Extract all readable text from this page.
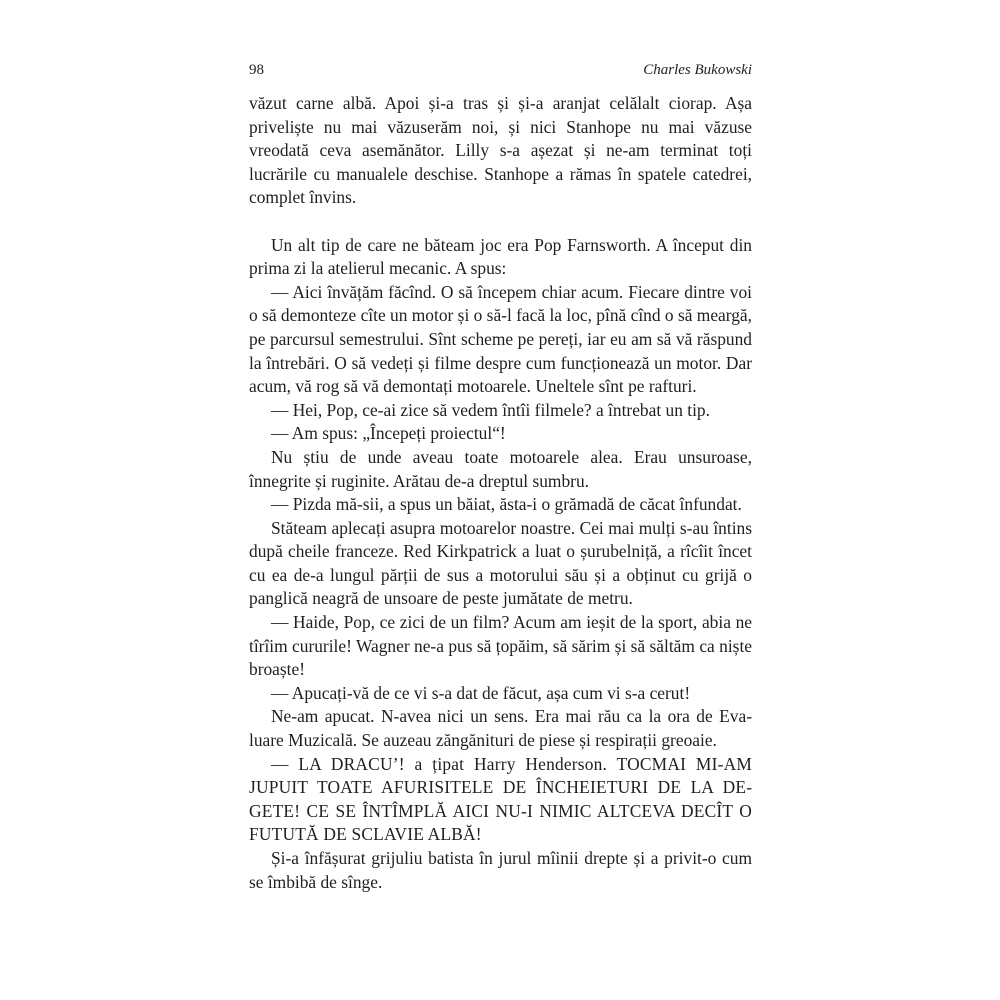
98	Charles Bukowski

văzut carne albă. Apoi și-a tras și și-a aranjat celălalt ciorap. Așa priveliște nu mai văzuserăm noi, și nici Stanhope nu mai văzuse vreodată ceva asemănător. Lilly s-a așezat și ne-am terminat toți lucrările cu manualele deschise. Stanhope a rămas în spatele catedrei, complet învins.

Un alt tip de care ne băteam joc era Pop Farnsworth. A început din prima zi la atelierul mecanic. A spus:

— Aici învățăm făcînd. O să începem chiar acum. Fiecare dintre voi o să demonteze cîte un motor și o să-l facă la loc, pînă cînd o să meargă, pe parcursul semestrului. Sînt scheme pe pereți, iar eu am să vă răspund la întrebări. O să vedeți și filme despre cum funcționează un motor. Dar acum, vă rog să vă demontați motoarele. Uneltele sînt pe rafturi.

— Hei, Pop, ce-ai zice să vedem întîi filmele? a întrebat un tip.

— Am spus: „Începeți proiectul“!

Nu știu de unde aveau toate motoarele alea. Erau unsuroase, înnegrite și ruginite. Arătau de-a dreptul sumbru.

— Pizda mă-sii, a spus un băiat, ăsta-i o grămadă de căcat înfundat.

Stăteam aplecați asupra motoarelor noastre. Cei mai mulți s-au întins după cheile franceze. Red Kirkpatrick a luat o șurubelniță, a rîcîit încet cu ea de-a lungul părții de sus a motorului său și a obținut cu grijă o panglică neagră de unsoare de peste jumătate de metru.

— Haide, Pop, ce zici de un film? Acum am ieșit de la sport, abia ne tîrîim cururile! Wagner ne-a pus să țopăim, să sărim și să săltăm ca niște broaște!

— Apucați-vă de ce vi s-a dat de făcut, așa cum vi s-a cerut!

Ne-am apucat. N-avea nici un sens. Era mai rău ca la ora de Evaluare Muzicală. Se auzeau zăngănituri de piese și respirații greoaie.

— LA DRACU’! a țipat Harry Henderson. TOCMAI MI-AM JUPUIT TOATE AFURISITELE DE ÎNCHEIETURI DE LA DEGETE! CE SE ÎNTÎMPLĂ AICI NU-I NIMIC ALTCEVA DECÎT O FUTUTĂ DE SCLAVIE ALBĂ!

Și-a înfășurat grijuliu batista în jurul mîinii drepte și a privit-o cum se îmbibă de sînge.
